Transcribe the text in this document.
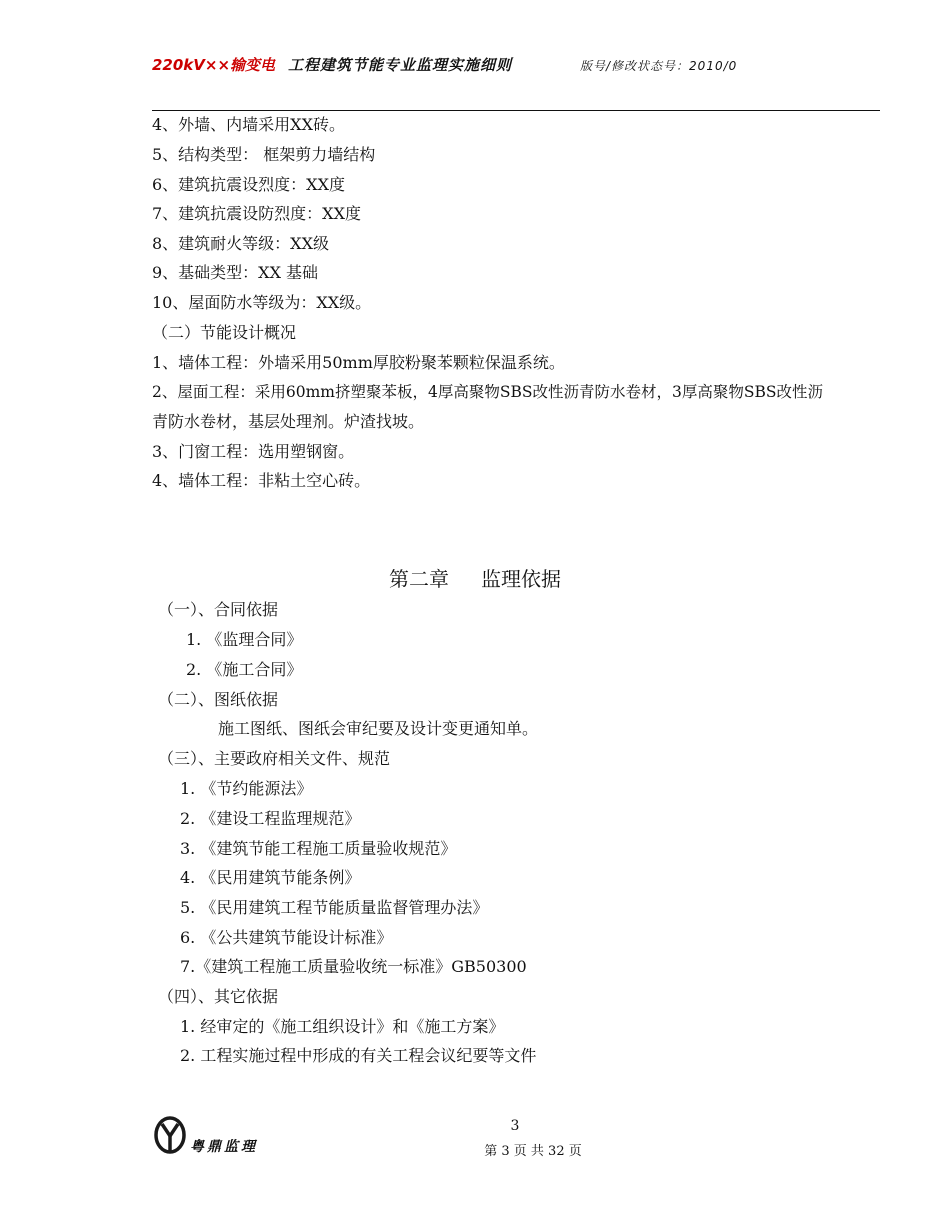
220kV××输变电 工程建筑节能专业监理实施细则	版号/修改状态号：2010/0
4、外墙、内墙采用XX砖。
5、结构类型： 框架剪力墙结构
6、建筑抗震设烈度：XX度
7、建筑抗震设防烈度：XX度
8、建筑耐火等级：XX级
9、基础类型：XX 基础
10、屋面防水等级为：XX级。
（二）节能设计概况
1、墙体工程：外墙采用50mm厚胶粉聚苯颗粒保温系统。
2、屋面工程：采用60mm挤塑聚苯板，4厚高聚物SBS改性沥青防水卷材，3厚高聚物SBS改性沥
青防水卷材，基层处理剂。炉渣找坡。
3、门窗工程：选用塑钢窗。
4、墙体工程：非粘土空心砖。
第二章 监理依据
（一）、合同依据
1. 《监理合同》
2. 《施工合同》
（二）、图纸依据
施工图纸、图纸会审纪要及设计变更通知单。
（三）、主要政府相关文件、规范
1. 《节约能源法》
2. 《建设工程监理规范》
3. 《建筑节能工程施工质量验收规范》
4. 《民用建筑节能条例》
5. 《民用建筑工程节能质量监督管理办法》
6. 《公共建筑节能设计标准》
7.《建筑工程施工质量验收统一标准》GB50300
（四）、其它依据
1. 经审定的《施工组织设计》和《施工方案》
2. 工程实施过程中形成的有关工程会议纪要等文件
粤鼎监理
3
第 3 页 共 32 页
